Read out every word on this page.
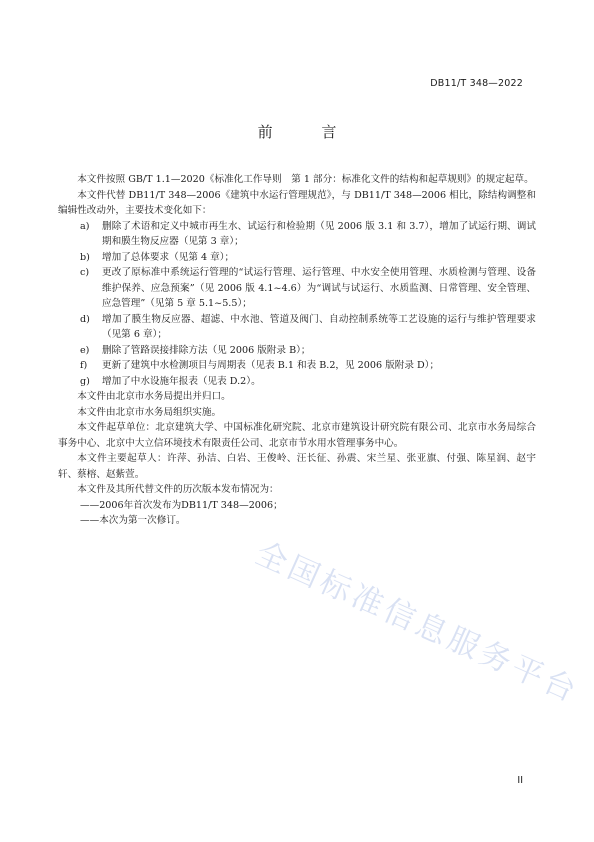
DB11/T 348—2022
前 言

本文件按照 GB/T 1.1—2020《标准化工作导则　第 1 部分：标准化文件的结构和起草规则》的规定起草。

本文件代替 DB11/T 348—2006《建筑中水运行管理规范》，与 DB11/T 348—2006 相比，除结构调整和编辑性改动外，主要技术变化如下：

a) 删除了术语和定义中城市再生水、试运行和检验期（见 2006 版 3.1 和 3.7），增加了试运行期、调试期和膜生物反应器（见第 3 章）；
b) 增加了总体要求（见第 4 章）；
c) 更改了原标准中系统运行管理的“试运行管理、运行管理、中水安全使用管理、水质检测与管理、设备维护保养、应急预案”（见 2006 版 4.1~4.6）为“调试与试运行、水质监测、日常管理、安全管理、应急管理”（见第 5 章 5.1~5.5）；
d) 增加了膜生物反应器、超滤、中水池、管道及阀门、自动控制系统等工艺设施的运行与维护管理要求（见第 6 章）；
e) 删除了管路误接排除方法（见 2006 版附录 B）；
f) 更新了建筑中水检测项目与周期表（见表 B.1 和表 B.2，见 2006 版附录 D）；
g) 增加了中水设施年报表（见表 D.2）。

本文件由北京市水务局提出并归口。

本文件由北京市水务局组织实施。

本文件起草单位：北京建筑大学、中国标准化研究院、北京市建筑设计研究院有限公司、北京市水务局综合事务中心、北京中大立信环境技术有限责任公司、北京市节水用水管理事务中心。

本文件主要起草人：许萍、孙洁、白岩、王俊岭、汪长征、孙震、宋兰星、张亚旗、付强、陈星润、赵宇轩、蔡榕、赵紫萱。

本文件及其所代替文件的历次版本发布情况为：

——2006年首次发布为DB11/T 348—2006；
——本次为第一次修订。
全国标准信息服务平台
II
